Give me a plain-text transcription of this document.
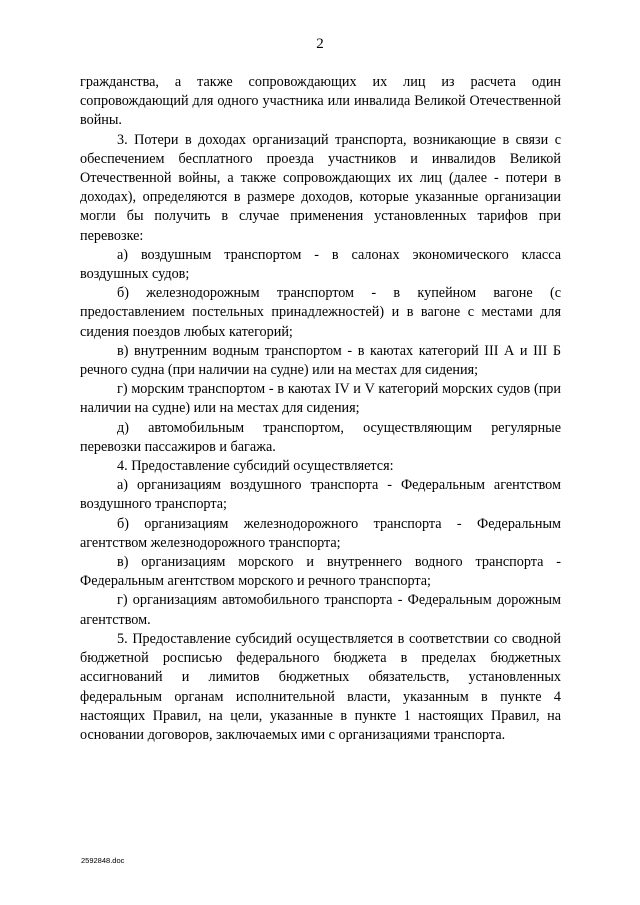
2

гражданства, а также сопровождающих их лиц из расчета один сопровождающий для одного участника или инвалида Великой Отечественной войны.

3. Потери в доходах организаций транспорта, возникающие в связи с обеспечением бесплатного проезда участников и инвалидов Великой Отечественной войны, а также сопровождающих их лиц (далее - потери в доходах), определяются в размере доходов, которые указанные организации могли бы получить в случае применения установленных тарифов при перевозке:

а) воздушным транспортом - в салонах экономического класса воздушных судов;

б) железнодорожным транспортом - в купейном вагоне (с предоставлением постельных принадлежностей) и в вагоне с местами для сидения поездов любых категорий;

в) внутренним водным транспортом - в каютах категорий III А и III Б речного судна (при наличии на судне) или на местах для сидения;

г) морским транспортом - в каютах IV и V категорий морских судов (при наличии на судне) или на местах для сидения;

д) автомобильным транспортом, осуществляющим регулярные перевозки пассажиров и багажа.

4. Предоставление субсидий осуществляется:

а) организациям воздушного транспорта - Федеральным агентством воздушного транспорта;

б) организациям железнодорожного транспорта - Федеральным агентством железнодорожного транспорта;

в) организациям морского и внутреннего водного транспорта - Федеральным агентством морского и речного транспорта;

г) организациям автомобильного транспорта - Федеральным дорожным агентством.

5. Предоставление субсидий осуществляется в соответствии со сводной бюджетной росписью федерального бюджета в пределах бюджетных ассигнований и лимитов бюджетных обязательств, установленных федеральным органам исполнительной власти, указанным в пункте 4 настоящих Правил, на цели, указанные в пункте 1 настоящих Правил, на основании договоров, заключаемых ими с организациями транспорта.

2592848.doc
